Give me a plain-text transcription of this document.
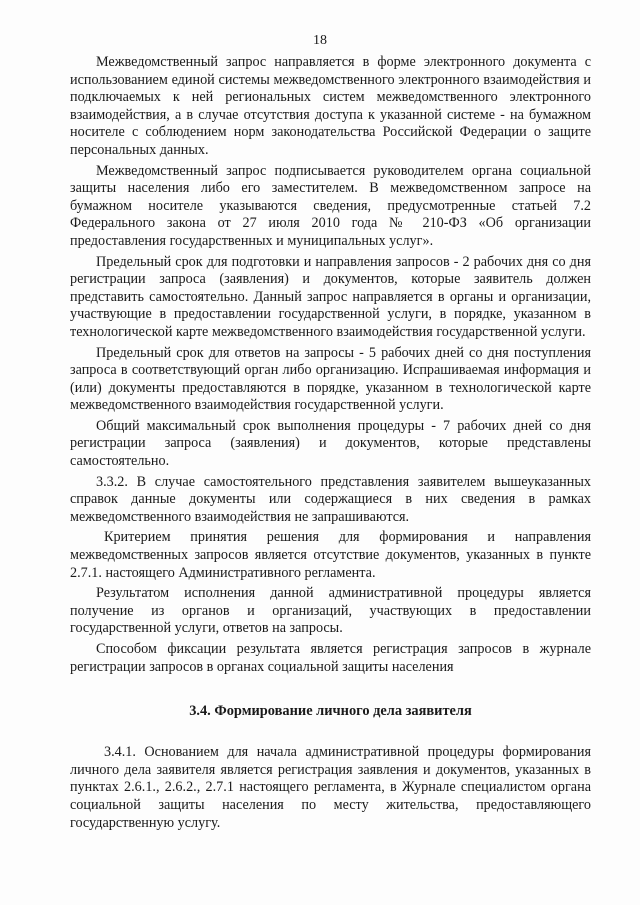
18

Межведомственный запрос направляется в форме электронного документа с использованием единой системы межведомственного электронного взаимодействия и подключаемых к ней региональных систем межведомственного электронного взаимодействия, а в случае отсутствия доступа к указанной системе - на бумажном носителе с соблюдением норм законодательства Российской Федерации о защите персональных данных.

Межведомственный запрос подписывается руководителем органа социальной защиты населения либо его заместителем. В межведомственном запросе на бумажном носителе указываются сведения, предусмотренные статьей 7.2 Федерального закона от 27 июля 2010 года № 210-ФЗ «Об организации предоставления государственных и муниципальных услуг».

Предельный срок для подготовки и направления запросов - 2 рабочих дня со дня регистрации запроса (заявления) и документов, которые заявитель должен представить самостоятельно. Данный запрос направляется в органы и организации, участвующие в предоставлении государственной услуги, в порядке, указанном в технологической карте межведомственного взаимодействия государственной услуги.

Предельный срок для ответов на запросы - 5 рабочих дней со дня поступления запроса в соответствующий орган либо организацию. Испрашиваемая информация и (или) документы предоставляются в порядке, указанном в технологической карте межведомственного взаимодействия государственной услуги.

Общий максимальный срок выполнения процедуры - 7 рабочих дней со дня регистрации запроса (заявления) и документов, которые представлены самостоятельно.

3.3.2. В случае самостоятельного представления заявителем вышеуказанных справок данные документы или содержащиеся в них сведения в рамках межведомственного взаимодействия не запрашиваются.

Критерием принятия решения для формирования и направления межведомственных запросов является отсутствие документов, указанных в пункте 2.7.1. настоящего Административного регламента.

Результатом исполнения данной административной процедуры является получение из органов и организаций, участвующих в предоставлении государственной услуги, ответов на запросы.

Способом фиксации результата является регистрация запросов в журнале регистрации запросов в органах социальной защиты населения

3.4. Формирование личного дела заявителя

3.4.1. Основанием для начала административной процедуры формирования личного дела заявителя является регистрация заявления и документов, указанных в пунктах 2.6.1., 2.6.2., 2.7.1 настоящего регламента, в Журнале специалистом органа социальной защиты населения по месту жительства, предоставляющего государственную услугу.
